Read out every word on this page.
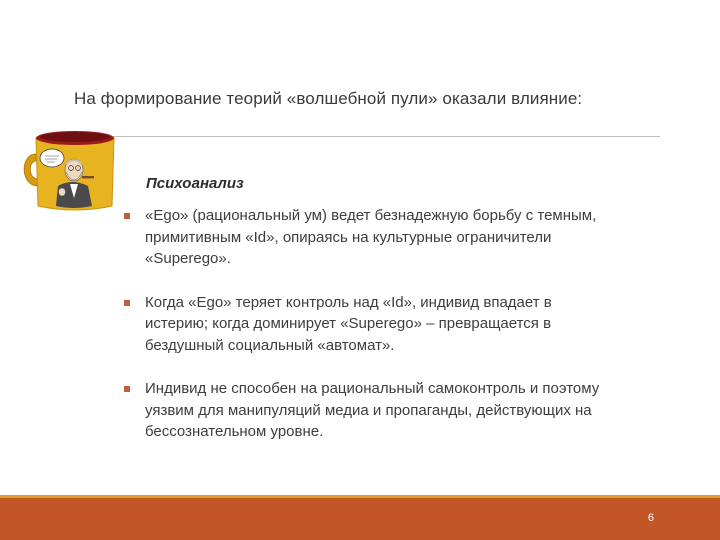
На формирование теорий «волшебной пули» оказали влияние:
Психоанализ
«Ego» (рациональный ум) ведет безнадежную борьбу с темным, примитивным «Id», опираясь на культурные ограничители «Superego».
Когда «Ego» теряет контроль над «Id», индивид впадает в истерию; когда доминирует «Superego» – превращается в бездушный социальный «автомат».
Индивид не способен на рациональный самоконтроль и поэтому уязвим для манипуляций медиа и пропаганды, действующих на бессознательном уровне.
6
